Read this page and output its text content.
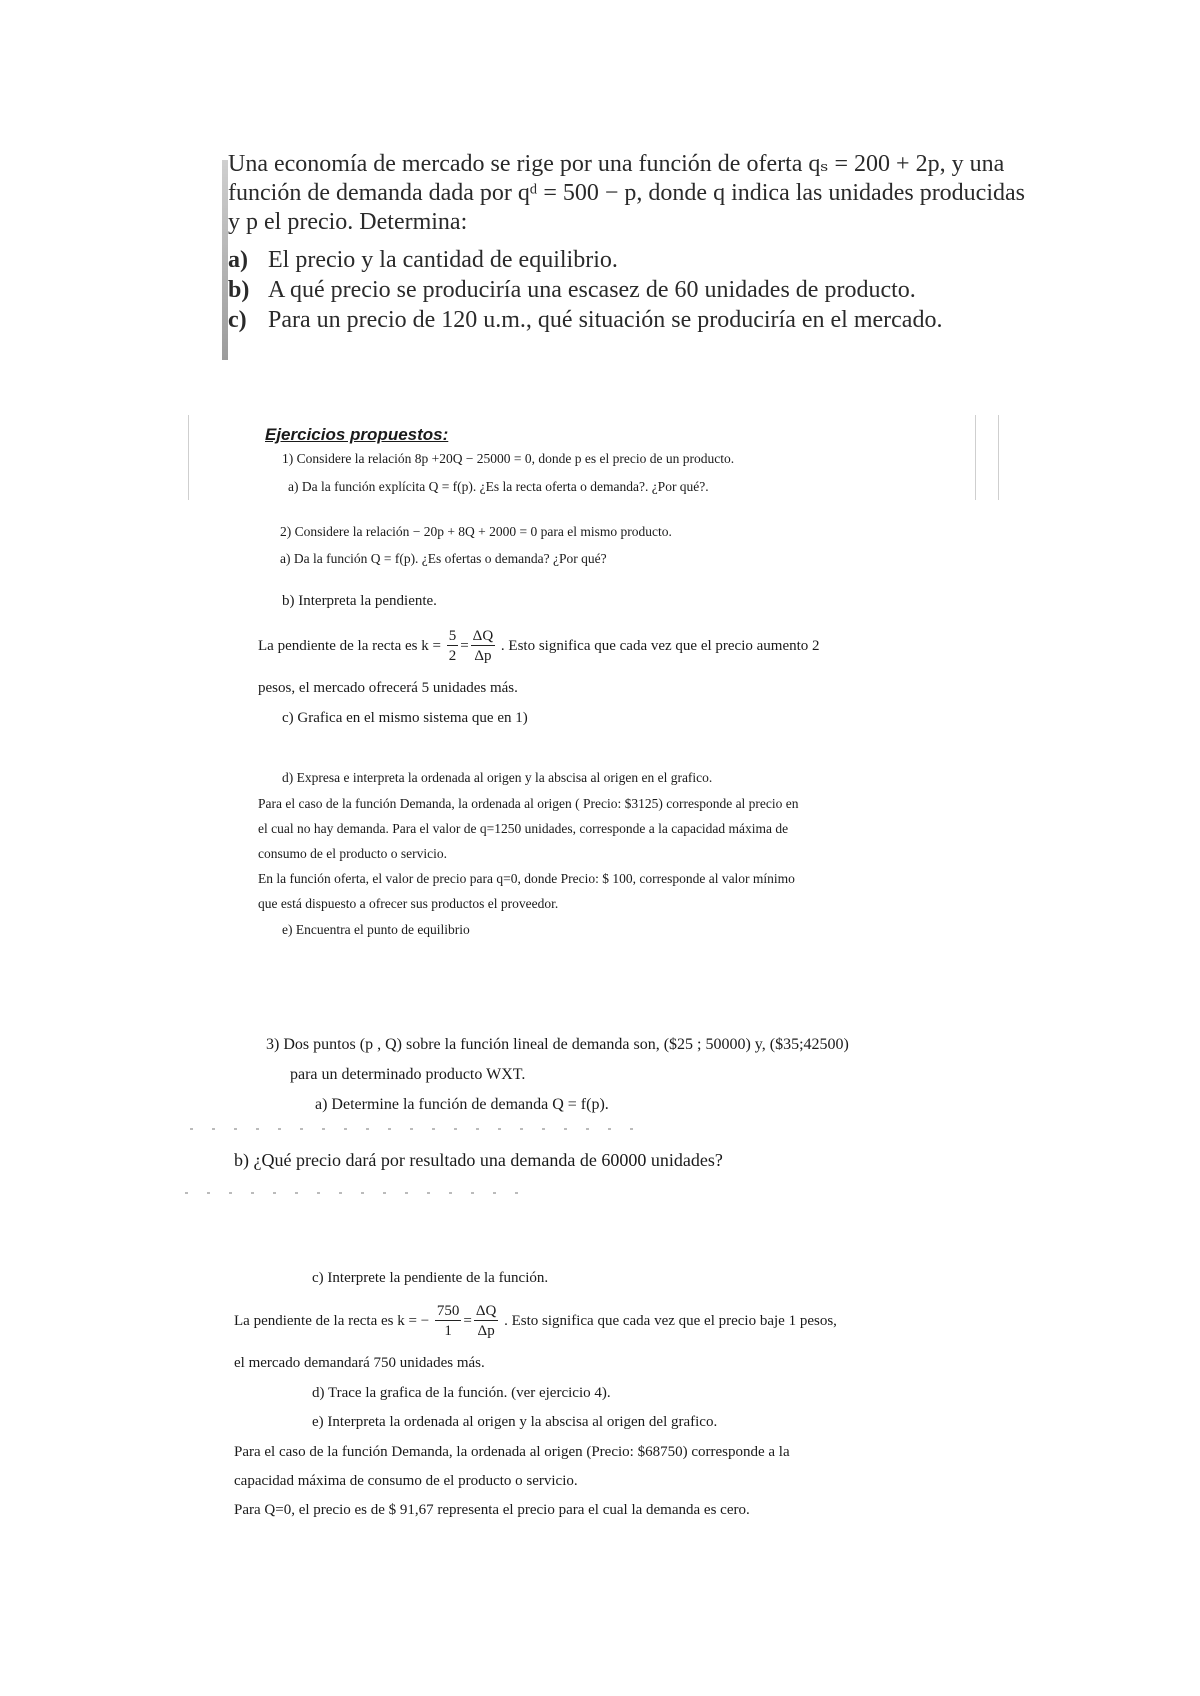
Una economía de mercado se rige por una función de oferta qₛ = 200 + 2p, y una
función de demanda dada por qᵈ = 500 − p, donde q indica las unidades producidas
y p el precio. Determina:
a) El precio y la cantidad de equilibrio.
b) A qué precio se produciría una escasez de 60 unidades de producto.
c) Para un precio de 120 u.m., qué situación se produciría en el mercado.
Ejercicios propuestos:
1) Considere la relación 8p +20Q − 25000 = 0, donde p es el precio de un producto.
a) Da la función explícita Q = f(p). ¿Es la recta oferta o demanda?. ¿Por qué?.
2) Considere la relación − 20p + 8Q + 2000 = 0 para el mismo producto.
a) Da la función Q = f(p). ¿Es ofertas o demanda? ¿Por qué?
b) Interpreta la pendiente.
La pendiente de la recta es $k = \frac{5}{2} = \frac{\Delta Q}{\Delta p}$ . Esto significa que cada vez que el precio aumento 2
pesos, el mercado ofrecerá 5 unidades más.
c) Grafica en el mismo sistema que en 1)
d) Expresa e interpreta la ordenada al origen y la abscisa al origen en el grafico.
Para el caso de la función Demanda, la ordenada al origen ( Precio: $3125) corresponde al precio en
el cual no hay demanda. Para el valor de q=1250 unidades, corresponde a la capacidad máxima de
consumo de el producto o servicio.
En la función oferta, el valor de precio para q=0, donde Precio: $ 100, corresponde al valor mínimo
que está dispuesto a ofrecer sus productos el proveedor.
e) Encuentra el punto de equilibrio
3) Dos puntos (p , Q) sobre la función lineal de demanda son, ($25 ; 50000) y, ($35;42500)
para un determinado producto WXT.
a) Determine la función de demanda Q = f(p).
b) ¿Qué precio dará por resultado una demanda de 60000 unidades?
c) Interprete la pendiente de la función.
La pendiente de la recta es k = − $\frac{750}{1} = \frac{\Delta Q}{\Delta p}$ . Esto significa que cada vez que el precio baje 1 pesos,
el mercado demandará 750 unidades más.
d) Trace la grafica de la función. (ver ejercicio 4).
e) Interpreta la ordenada al origen y la abscisa al origen del grafico.
Para el caso de la función Demanda, la ordenada al origen (Precio: $68750) corresponde a la
capacidad máxima de consumo de el producto o servicio.
Para Q=0, el precio es de $ 91,67 representa el precio para el cual la demanda es cero.
